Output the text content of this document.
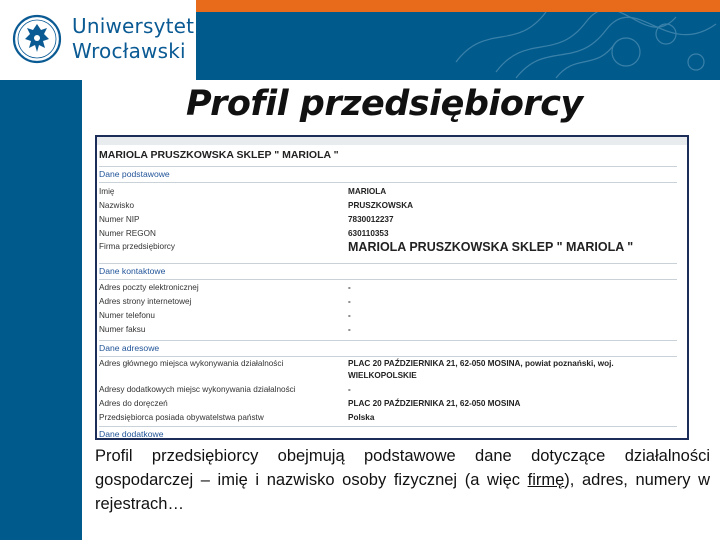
Uniwersytet
Wrocławski
Profil przedsiębiorcy
MARIOLA PRUSZKOWSKA SKLEP " MARIOLA "
Dane podstawowe
Imię	MARIOLA
Nazwisko	PRUSZKOWSKA
Numer NIP	7830012237
Numer REGON	630110353
Firma przedsiębiorcy	MARIOLA PRUSZKOWSKA SKLEP " MARIOLA "
Dane kontaktowe
Adres poczty elektronicznej	-
Adres strony internetowej	-
Numer telefonu	-
Numer faksu	-
Dane adresowe
Adres głównego miejsca wykonywania działalności	PLAC 20 PAŹDZIERNIKA 21, 62-050 MOSINA, powiat poznański, woj.
WIELKOPOLSKIE
Adresy dodatkowych miejsc wykonywania działalności	-
Adres do doręczeń	PLAC 20 PAŹDZIERNIKA 21, 62-050 MOSINA
Przedsiębiorca posiada obywatelstwa państw	Polska
Dane dodatkowe
Profil przedsiębiorcy obejmują podstawowe dane dotyczące działalności gospodarczej – imię i nazwisko osoby fizycznej (a więc firmę), adres, numery w rejestrach…
